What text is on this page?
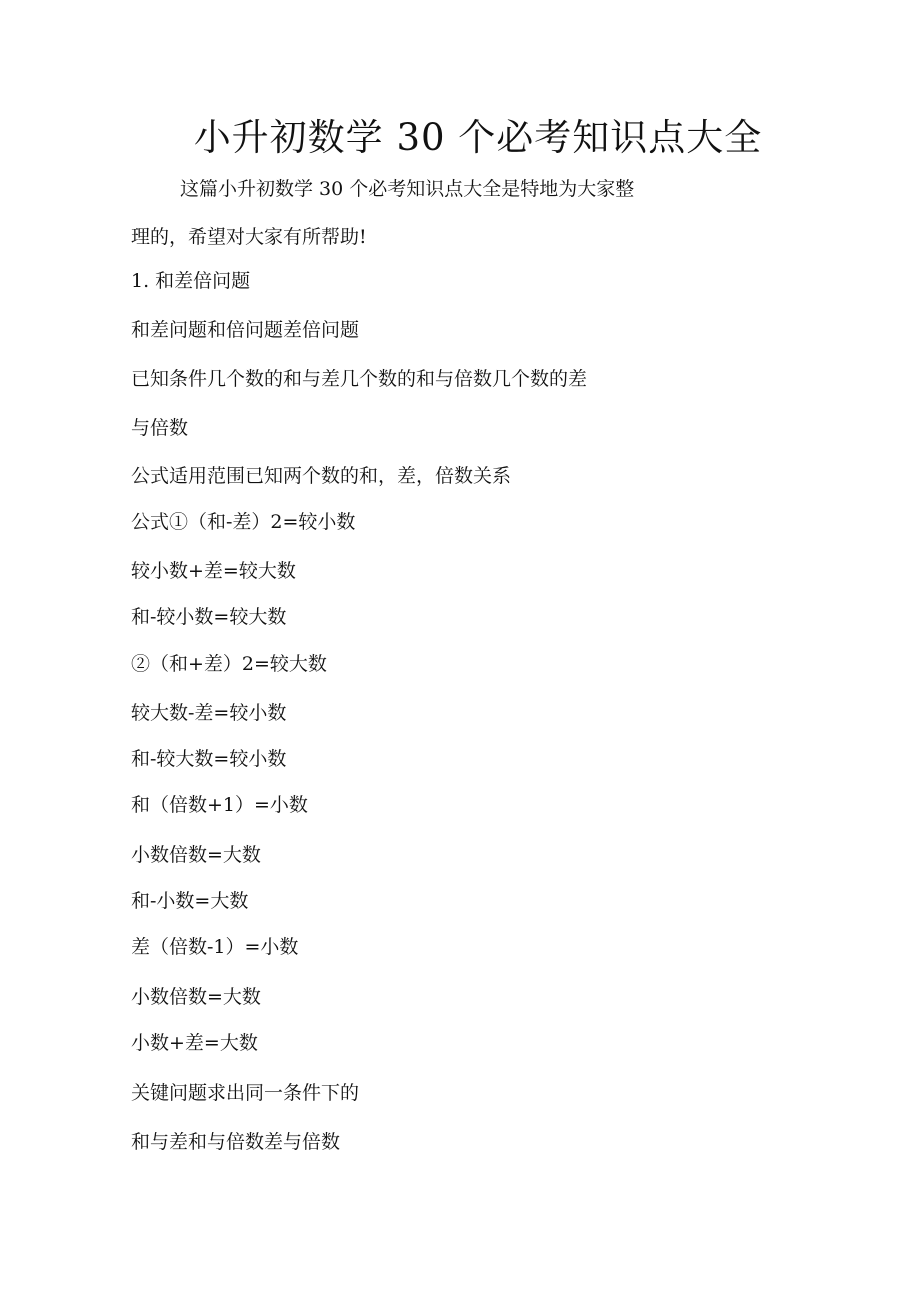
小升初数学 30 个必考知识点大全
这篇小升初数学 30 个必考知识点大全是特地为大家整
理的，希望对大家有所帮助!
1. 和差倍问题
和差问题和倍问题差倍问题
已知条件几个数的和与差几个数的和与倍数几个数的差
与倍数
公式适用范围已知两个数的和，差，倍数关系
公式①（和-差）2=较小数
较小数+差=较大数
和-较小数=较大数
②（和+差）2=较大数
较大数-差=较小数
和-较大数=较小数
和（倍数+1）=小数
小数倍数=大数
和-小数=大数
差（倍数-1）=小数
小数倍数=大数
小数+差=大数
关键问题求出同一条件下的
和与差和与倍数差与倍数
